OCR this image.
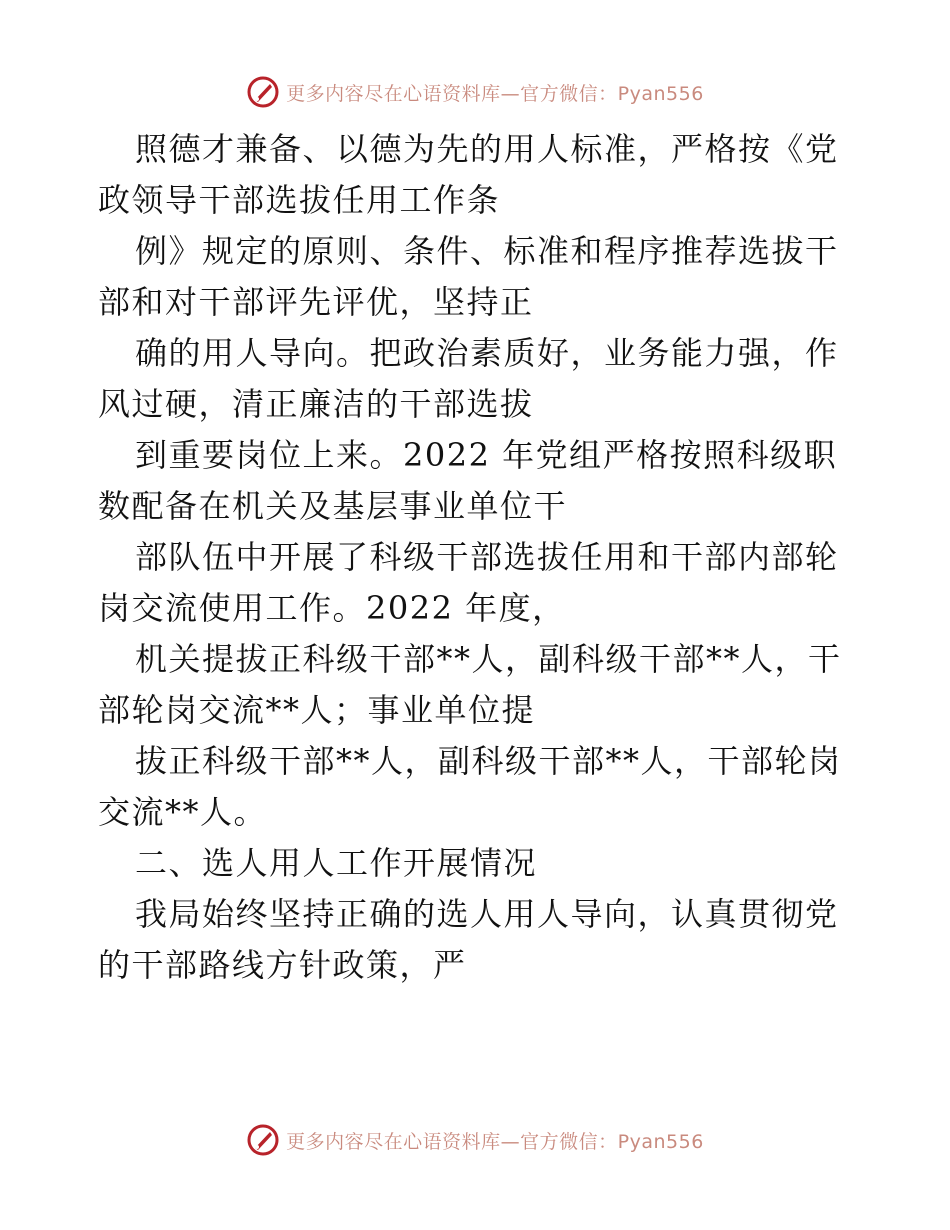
更多内容尽在心语资料库—官方微信：Pyan556
照德才兼备、以德为先的用人标准，严格按《党
政领导干部选拔任用工作条
例》规定的原则、条件、标准和程序推荐选拔干
部和对干部评先评优，坚持正
确的用人导向。把政治素质好，业务能力强，作
风过硬，清正廉洁的干部选拔
到重要岗位上来。2022 年党组严格按照科级职
数配备在机关及基层事业单位干
部队伍中开展了科级干部选拔任用和干部内部轮
岗交流使用工作。2022 年度，
机关提拔正科级干部**人，副科级干部**人，干
部轮岗交流**人；事业单位提
拔正科级干部**人，副科级干部**人，干部轮岗
交流**人。
二、选人用人工作开展情况
我局始终坚持正确的选人用人导向，认真贯彻党
的干部路线方针政策，严
更多内容尽在心语资料库—官方微信：Pyan556
